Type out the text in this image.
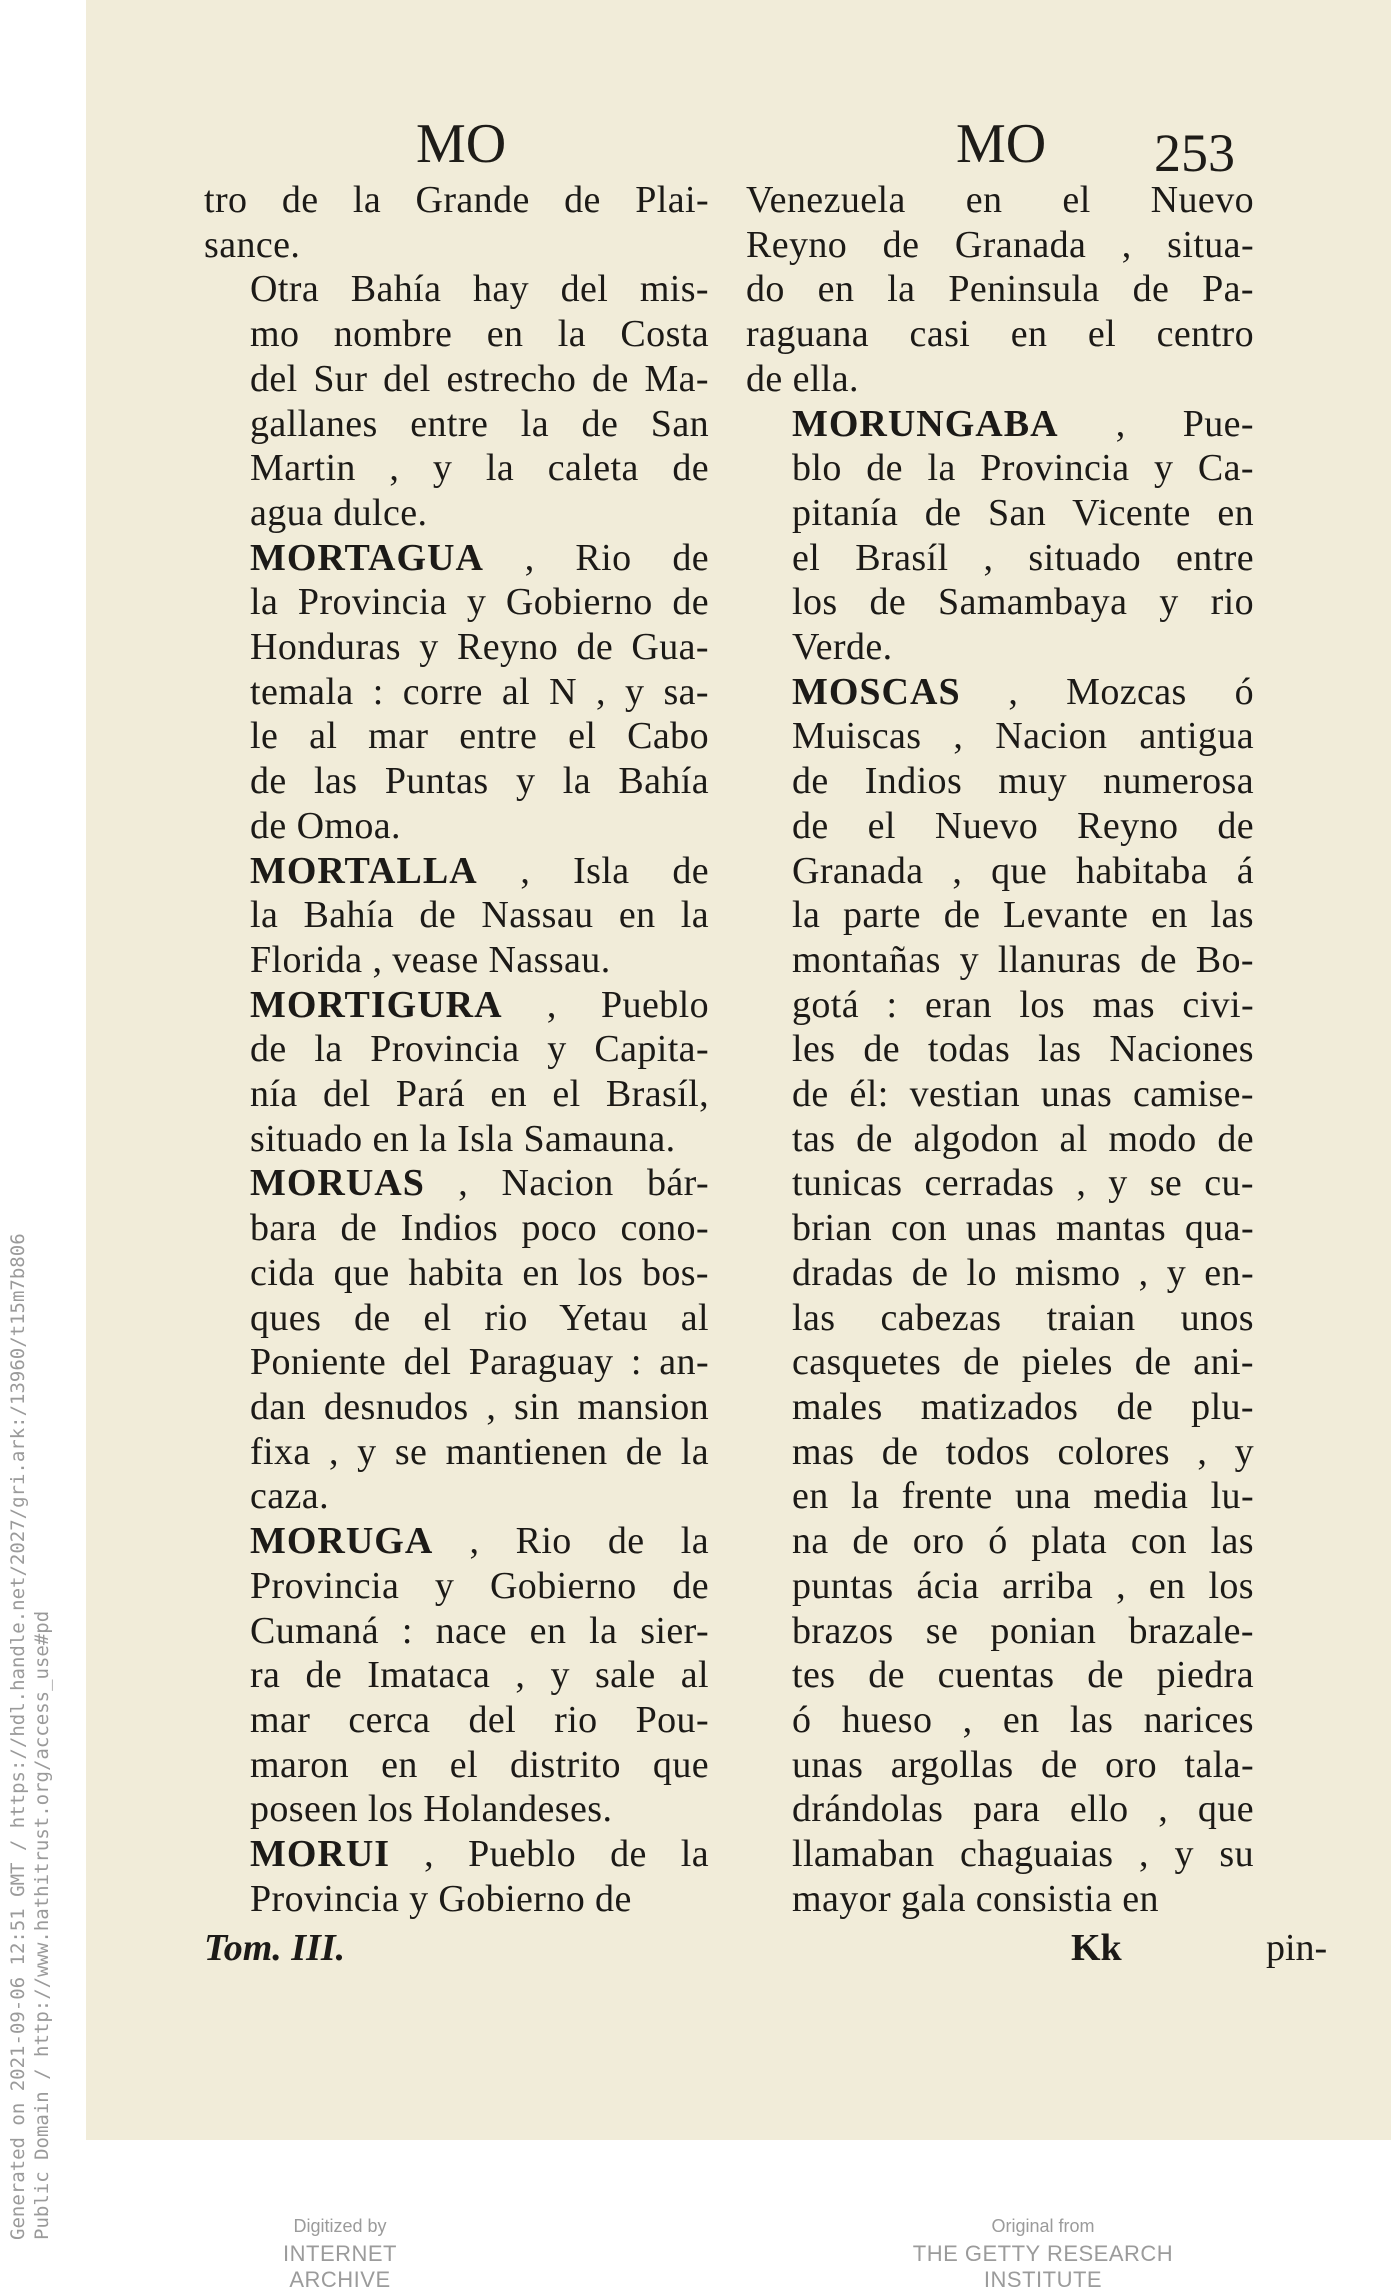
MO	MO 253

tro de la Grande de Plai-
sance.

Otra Bahía hay del mis-
mo nombre en la Costa
del Sur del estrecho de Ma-
gallanes entre la de San
Martin , y la caleta de
agua dulce.

MORTAGUA , Rio de
la Provincia y Gobierno de
Honduras y Reyno de Gua-
temala : corre al N , y sa-
le al mar entre el Cabo
de las Puntas y la Bahía
de Omoa.

MORTALLA , Isla de
la Bahía de Nassau en la
Florida , vease Nassau.

MORTIGURA , Pueblo
de la Provincia y Capita-
nía del Pará en el Brasíl,
situado en la Isla Samauna.

MORUAS , Nacion bár-
bara de Indios poco cono-
cida que habita en los bos-
ques de el rio Yetau al
Poniente del Paraguay : an-
dan desnudos , sin mansion
fixa , y se mantienen de la
caza.

MORUGA , Rio de la
Provincia y Gobierno de
Cumaná : nace en la sier-
ra de Imataca , y sale al
mar cerca del rio Pou-
maron en el distrito que
poseen los Holandeses.

MORUI , Pueblo de la
Provincia y Gobierno de

Venezuela en el Nuevo
Reyno de Granada , situa-
do en la Peninsula de Pa-
raguana casi en el centro
de ella.

MORUNGABA , Pue-
blo de la Provincia y Ca-
pitanía de San Vicente en
el Brasíl , situado entre
los de Samambaya y rio
Verde.

MOSCAS , Mozcas ó
Muiscas , Nacion antigua
de Indios muy numerosa
de el Nuevo Reyno de
Granada , que habitaba á
la parte de Levante en las
montañas y llanuras de Bo-
gotá : eran los mas civi-
les de todas las Naciones
de él: vestian unas camise-
tas de algodon al modo de
tunicas cerradas , y se cu-
brian con unas mantas qua-
dradas de lo mismo , y en-
las cabezas traian unos
casquetes de pieles de ani-
males matizados de plu-
mas de todos colores , y
en la frente una media lu-
na de oro ó plata con las
puntas ácia arriba , en los
brazos se ponian brazale-
tes de cuentas de piedra
ó hueso , en las narices
unas argollas de oro tala-
drándolas para ello , que
llamaban chaguaias , y su
mayor gala consistia en

Tom. III.	Kk	pin-
Generated on 2021-09-06 12:51 GMT / https://hdl.handle.net/2027/gri.ark:/13960/t15m7b806 Public Domain / http://www.hathitrust.org/access_use#pd	Digitized by
INTERNET ARCHIVE
Original from
THE GETTY RESEARCH INSTITUTE
